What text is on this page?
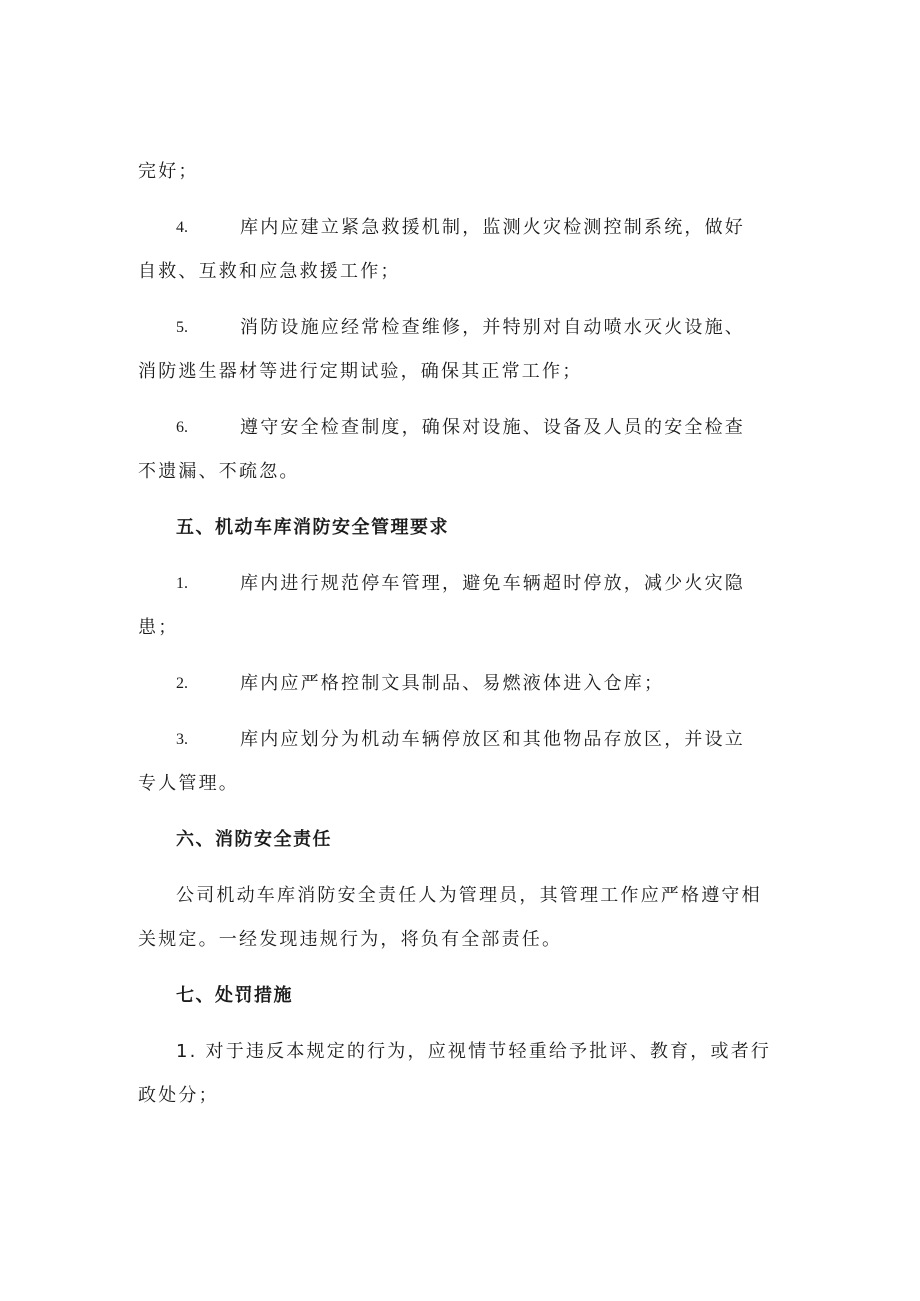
完好；
4.	库内应建立紧急救援机制，监测火灾检测控制系统，做好
自救、互救和应急救援工作；
5.	消防设施应经常检查维修，并特别对自动喷水灭火设施、
消防逃生器材等进行定期试验，确保其正常工作；
6.	遵守安全检查制度，确保对设施、设备及人员的安全检查
不遗漏、不疏忽。
五、机动车库消防安全管理要求
1.	库内进行规范停车管理，避免车辆超时停放，减少火灾隐
患；
2.	库内应严格控制文具制品、易燃液体进入仓库；
3.	库内应划分为机动车辆停放区和其他物品存放区，并设立
专人管理。
六、消防安全责任
公司机动车库消防安全责任人为管理员，其管理工作应严格遵守相
关规定。一经发现违规行为，将负有全部责任。
七、处罚措施
1. 对于违反本规定的行为，应视情节轻重给予批评、教育，或者行
政处分；
